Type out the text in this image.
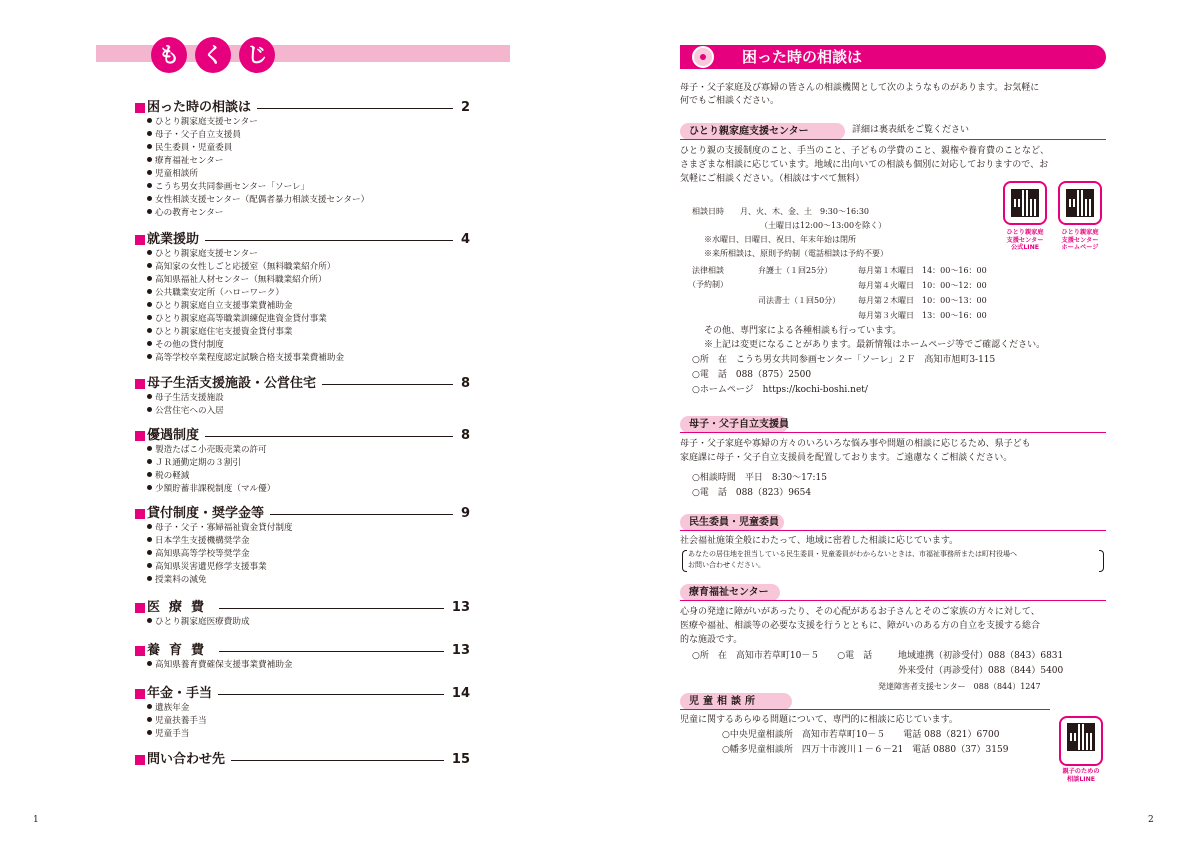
も	く	じ
困った時の相談は	2
ひとり親家庭支援センター
母子・父子自立支援員
民生委員・児童委員
療育福祉センター
児童相談所
こうち男女共同参画センター「ソーレ」
女性相談支援センター（配偶者暴力相談支援センター）
心の教育センター
就業援助	4
ひとり親家庭支援センター
高知家の女性しごと応援室（無料職業紹介所）
高知県福祉人材センター（無料職業紹介所）
公共職業安定所（ハローワーク）
ひとり親家庭自立支援事業費補助金
ひとり親家庭高等職業訓練促進資金貸付事業
ひとり親家庭住宅支援資金貸付事業
その他の貸付制度
高等学校卒業程度認定試験合格支援事業費補助金
母子生活支援施設・公営住宅	8
母子生活支援施設
公営住宅への入居
優遇制度	8
製造たばこ小売販売業の許可
ＪＲ通勤定期の３割引
税の軽減
少額貯蓄非課税制度（マル優）
貸付制度・奨学金等	9
母子・父子・寡婦福祉資金貸付制度
日本学生支援機構奨学金
高知県高等学校等奨学金
高知県災害遺児修学支援事業
授業料の減免
医療費	13
ひとり親家庭医療費助成
養育費	13
高知県養育費確保支援事業費補助金
年金・手当	14
遺族年金
児童扶養手当
児童手当
問い合わせ先	15
1
困った時の相談は
母子・父子家庭及び寡婦の皆さんの相談機関として次のようなものがあります。お気軽に
何でもご相談ください。
ひとり親家庭支援センター	詳細は裏表紙をご覧ください
ひとり親の支援制度のこと、手当のこと、子どもの学費のこと、親権や養育費のことなど、
さまざまな相談に応じています。地域に出向いての相談も個別に対応しておりますので、お
気軽にご相談ください。（相談はすべて無料）
相談日時　　月、火、木、金、土　9:30～16:30
（土曜日は12:00～13:00を除く）
※水曜日、日曜日、祝日、年末年始は閉所
※来所相談は、原則予約制（電話相談は予約不要）
法律相談
（予約制）
弁護士（１回25分）	毎月第１木曜日　14：00～16：00
毎月第４火曜日　10：00～12：00
司法書士（１回50分） 毎月第２木曜日　10：00～13：00
毎月第３火曜日　13：00～16：00
その他、専門家による各種相談も行っています。
※上記は変更になることがあります。最新情報はホームページ等でご確認ください。
○所　在　こうち男女共同参画センター「ソーレ」２Ｆ　高知市旭町3-115
○電　話　088（875）2500
○ホームページ　https://kochi-boshi.net/
ひとり親家庭
支援センター
公式LINE
ひとり親家庭
支援センター
ホームページ
母子・父子自立支援員
母子・父子家庭や寡婦の方々のいろいろな悩み事や問題の相談に応じるため、県子ども
家庭課に母子・父子自立支援員を配置しております。ご遠慮なくご相談ください。
○相談時間　平日　8:30～17:15
○電　話　088（823）9654
民生委員・児童委員
社会福祉施策全般にわたって、地域に密着した相談に応じています。
あなたの居住地を担当している民生委員・児童委員がわからないときは、市福祉事務所または町村役場へ
お問い合わせください。
療育福祉センター
心身の発達に障がいがあったり、その心配があるお子さんとそのご家族の方々に対して、
医療や福祉、相談等の必要な支援を行うとともに、障がいのある方の自立を支援する総合
的な施設です。
○所　在　高知市若草町10－５　　○電　話	地域連携（初診受付）088（843）6831
外来受付（再診受付）088（844）5400
発達障害者支援センター　088（844）1247
児童相談所
児童に関するあらゆる問題について、専門的に相談に応じています。
○中央児童相談所　高知市若草町10－５　　電話 088（821）6700
○幡多児童相談所　四万十市渡川１－６－21　電話 0880（37）3159
親子のための
相談LINE
2
